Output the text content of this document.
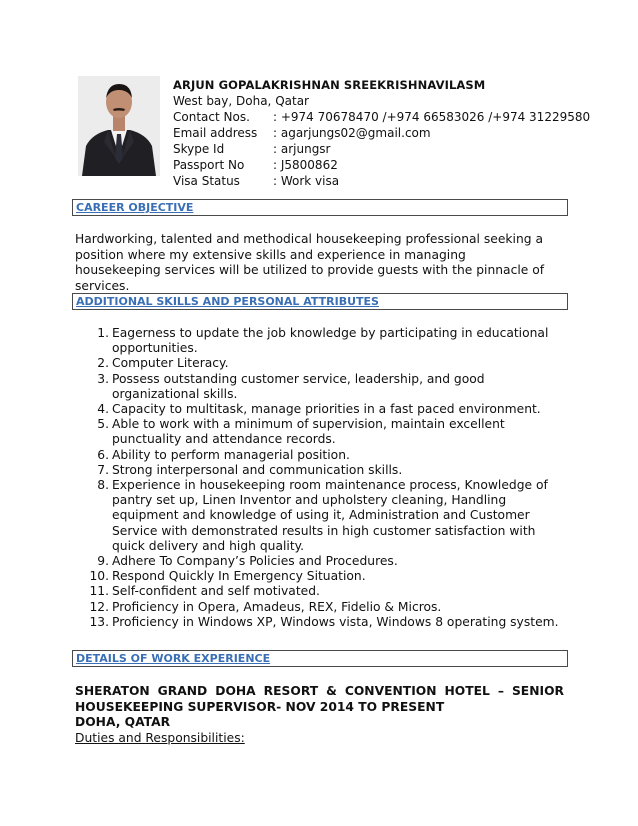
ARJUN GOPALAKRISHNAN SREEKRISHNAVILASM
West bay, Doha, Qatar
Contact Nos.	: +974 70678470 /+974 66583026 /+974 31229580
Email address	: agarjungs02@gmail.com
Skype Id	: arjungsr
Passport No	: J5800862
Visa Status	: Work visa
CAREER OBJECTIVE
Hardworking, talented and methodical housekeeping professional seeking a position where my extensive skills and experience in managing housekeeping services will be utilized to provide guests with the pinnacle of services.
ADDITIONAL SKILLS AND PERSONAL ATTRIBUTES
1. Eagerness to update the job knowledge by participating in educational opportunities.
2. Computer Literacy.
3. Possess outstanding customer service, leadership, and good organizational skills.
4. Capacity to multitask, manage priorities in a fast paced environment.
5. Able to work with a minimum of supervision, maintain excellent punctuality and attendance records.
6. Ability to perform managerial position.
7. Strong interpersonal and communication skills.
8. Experience in housekeeping room maintenance process, Knowledge of pantry set up, Linen Inventor and upholstery cleaning, Handling equipment and knowledge of using it, Administration and Customer Service with demonstrated results in high customer satisfaction with quick delivery and high quality.
9. Adhere To Company’s Policies and Procedures.
10. Respond Quickly In Emergency Situation.
11. Self-confident and self motivated.
12. Proficiency in Opera, Amadeus, REX, Fidelio & Micros.
13. Proficiency in Windows XP, Windows vista, Windows 8 operating system.
DETAILS OF WORK EXPERIENCE
SHERATON GRAND DOHA RESORT & CONVENTION HOTEL – SENIOR
HOUSEKEEPING SUPERVISOR- NOV 2014 TO PRESENT
DOHA, QATAR
Duties and Responsibilities:
